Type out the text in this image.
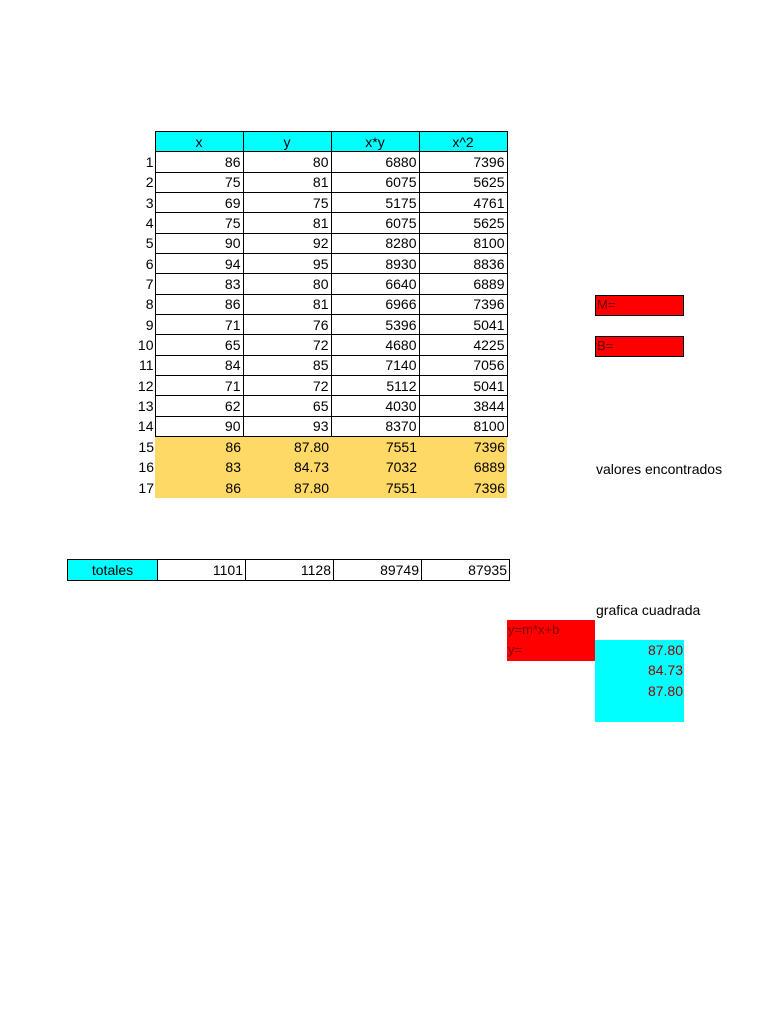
	x	y	x*y	x^2
1	86	80	6880	7396
2	75	81	6075	5625
3	69	75	5175	4761
4	75	81	6075	5625
5	90	92	8280	8100
6	94	95	8930	8836
7	83	80	6640	6889
8	86	81	6966	7396
9	71	76	5396	5041
10	65	72	4680	4225
11	84	85	7140	7056
12	71	72	5112	5041
13	62	65	4030	3844
14	90	93	8370	8100
15	86	87.80	7551	7396
16	83	84.73	7032	6889
17	86	87.80	7551	7396
M=
B=
valores encontrados
totales	1101	1128	89749	87935
grafica cuadrada
y=m*x+b
y=	87.80
84.73
87.80
